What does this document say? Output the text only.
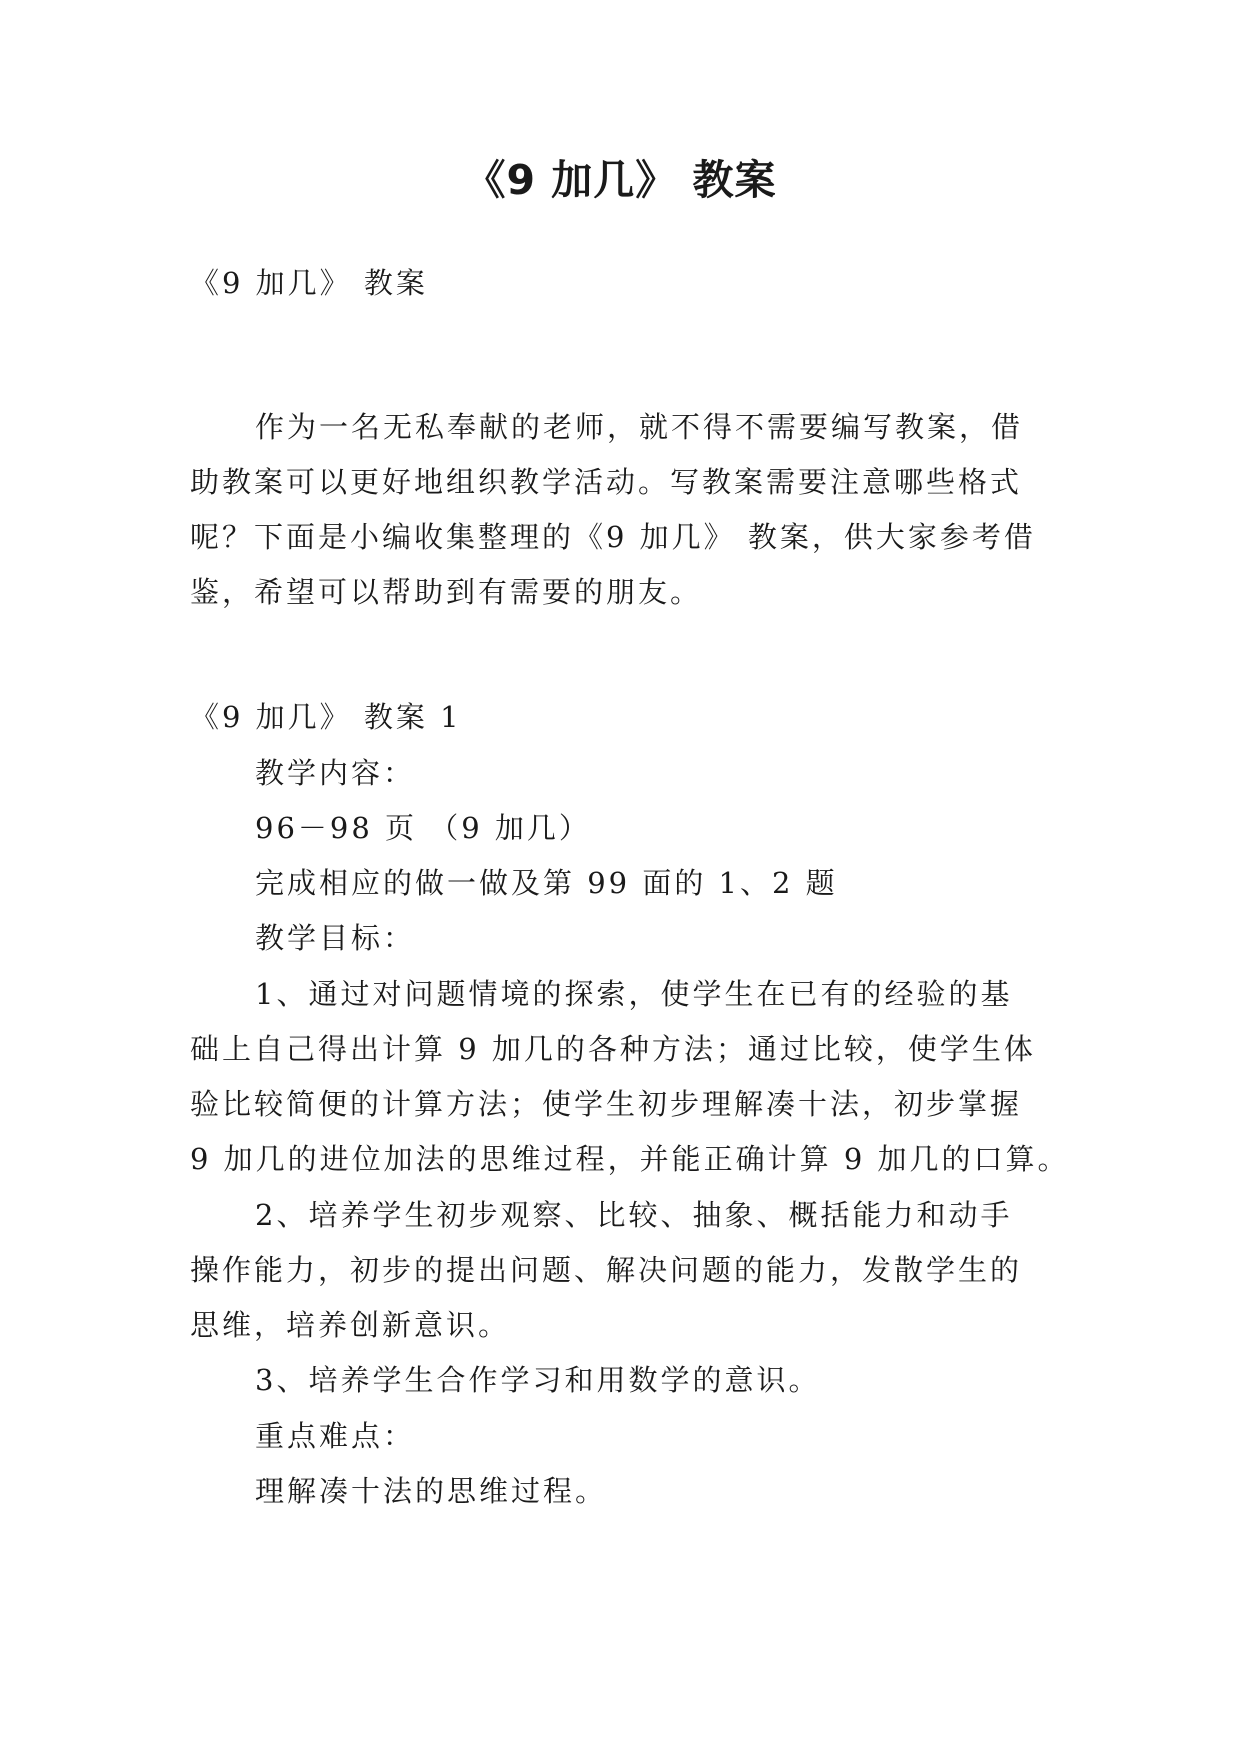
《9 加几》 教案
《9 加几》 教案
作为一名无私奉献的老师，就不得不需要编写教案，借
助教案可以更好地组织教学活动。写教案需要注意哪些格式
呢？下面是小编收集整理的《9 加几》 教案，供大家参考借
鉴，希望可以帮助到有需要的朋友。
《9 加几》 教案 1
教学内容：
96－98 页 （9 加几）
完成相应的做一做及第 99 面的 1、2 题
教学目标：
1、通过对问题情境的探索，使学生在已有的经验的基
础上自己得出计算 9 加几的各种方法；通过比较，使学生体
验比较简便的计算方法；使学生初步理解凑十法，初步掌握
9 加几的进位加法的思维过程，并能正确计算 9 加几的口算。
2、培养学生初步观察、比较、抽象、概括能力和动手
操作能力，初步的提出问题、解决问题的能力，发散学生的
思维，培养创新意识。
3、培养学生合作学习和用数学的意识。
重点难点：
理解凑十法的思维过程。
